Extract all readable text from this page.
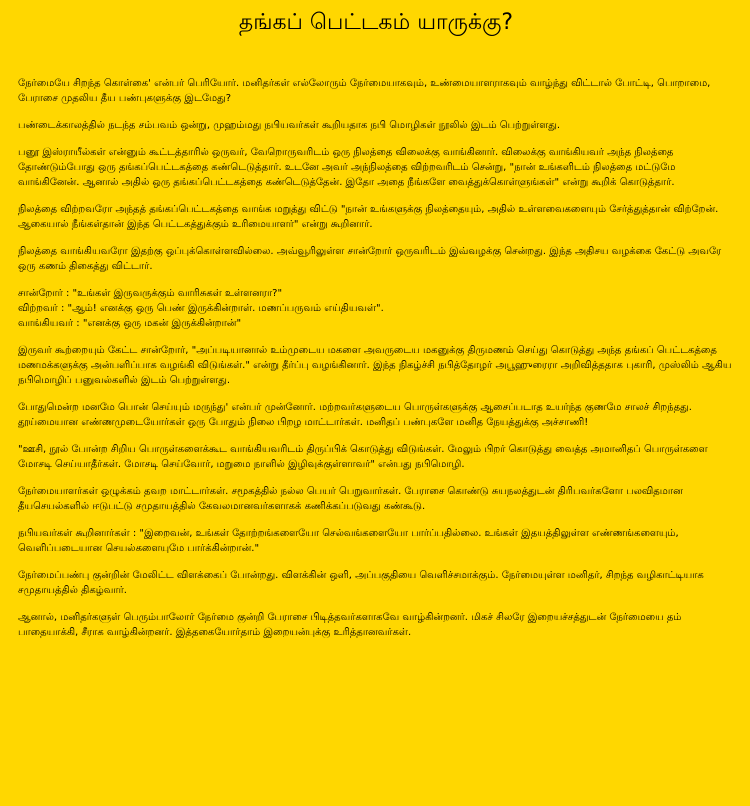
தங்கப் பெட்டகம் யாருக்கு?

நேர்மையே சிறந்த கொள்கை' என்பர் பெரியோர். மனிதர்கள் எல்லோரும் நேர்மையாகவும், உண்மையாளராகவும் வாழ்ந்து விட்டால் போட்டி, பொறாமை, பேராசை முதலிய தீய பண்புகளுக்கு இடமேது?

பண்டைக்காலத்தில் நடந்த சம்பவம் ஒன்று, முஹம்மது நபியவர்கள் கூறியதாக நபி மொழிகள் நூலில் இடம் பெற்றுள்ளது.

பனூ இஸ்ராயீல்கள் என்னும் கூட்டத்தாரில் ஒருவர், வேறொருவரிடம் ஒரு நிலத்தை விலைக்கு வாங்கினார். விலைக்கு வாங்கியவர் அந்த நிலத்தை தோண்டும்போது ஒரு தங்கப்பெட்டகத்தை கண்டெடுத்தார். உடனே அவர் அந்நிலத்தை விற்றவரிடம் சென்று, "நான் உங்களிடம் நிலத்தை மட்டுமே வாங்கினேன். ஆனால் அதில் ஒரு தங்கப்பெட்டகத்தை கண்டெடுத்தேன். இதோ அதை நீங்களே வைத்துக்கொள்ளுங்கள்" என்று கூறிக் கொடுத்தார்.

நிலத்தை விற்றவரோ அந்தத் தங்கப்பெட்டகத்தை வாங்க மறுத்து விட்டு "நான் உங்களுக்கு நிலத்தையும், அதில் உள்ளவைகளையும் சேர்த்துத்தான் விற்றேன். ஆகையால் நீங்கள்தான் இந்த பெட்டகத்துக்கும் உரிமையாளர்" என்று கூறினார்.

நிலத்தை வாங்கியவரோ இதற்கு ஒப்புக்கொள்ளவில்லை. அவ்வூரிலுள்ள சான்றோர் ஒருவரிடம் இவ்வழக்கு சென்றது. இந்த அதிசய வழக்கை கேட்டு அவரே ஒரு கணம் திகைத்து விட்டார்.

சான்றோர் : "உங்கள் இருவருக்கும் வாரிசுகள் உள்ளனரா?"
விற்றவர் : "ஆம்! எனக்கு ஒரு பெண் இருக்கின்றாள். மணப்பருவம் எய்தியவள்".
வாங்கியவர் : "எனக்கு ஒரு மகன் இருக்கின்றான்"

இருவர் கூற்றையும் கேட்ட சான்றோர், "அப்படியானால் உம்முடைய மகளை அவருடைய மகனுக்கு திருமணம் செய்து கொடுத்து அந்த தங்கப் பெட்டகத்தை மணமக்களுக்கு அன்பளிப்பாக வழங்கி விடுங்கள்." என்று தீர்ப்பு வழங்கினார். இந்த நிகழ்ச்சி நபித்தோழர் அபூஹுரைரா அறிவித்ததாக புகாரி, முஸ்லிம் ஆகிய நபிமொழிப் பனுவல்களில் இடம் பெற்றுள்ளது.

போதுமென்ற மனமே பொன் செய்யும் மருந்து' என்பர் முன்னோர். மற்றவர்களுடைய பொருள்களுக்கு ஆசைப்படாத உயர்ந்த குணமே சாலச் சிறந்தது. தூய்மையான எண்ணமுடையோர்கள் ஒரு போதும் நிலை பிறழ மாட்டார்கள். மனிதப் பண்புகளே மனித நேயத்துக்கு அச்சாணி!

"ஊசி, நூல் போன்ற சிறிய பொருள்களைக்கூட வாங்கியவரிடம் திருப்பிக் கொடுத்து விடுங்கள். மேலும் பிறர் கொடுத்து வைத்த அமானிதப் பொருள்களை மோசடி செய்யாதீர்கள். மோசடி செய்வோர், மறுமை நாளில் இழிவுக்குள்ளாவர்" என்பது நபிமொழி.

நேர்மையாளர்கள் ஒழுக்கம் தவற மாட்டார்கள். சமூகத்தில் நல்ல பெயர் பெறுவார்கள். பேராசை கொண்டு சுயநலத்துடன் திரிபவர்களோ பலவிதமான தீயசெயல்களில் ஈடுபட்டு சமுதாயத்தில் கேவலமானவர்களாகக் கணிக்கப்படுவது கண்கூடு.

நபியவர்கள் கூறினார்கள் : "இறைவன், உங்கள் தோற்றங்களையோ செல்வங்களையோ பார்ப்பதில்லை. உங்கள் இதயத்திலுள்ள எண்ணங்களையும், வெளிப்படையான செயல்களையுமே பார்க்கின்றான்."

நேர்மைப்பண்பு குன்றின் மேலிட்ட விளக்கைப் போன்றது. விளக்கின் ஒளி, அப்பகுதியை வெளிச்சமாக்கும். நேர்மையுள்ள மனிதர், சிறந்த வழிகாட்டியாக சமுதாயத்தில் திகழ்வார்.

ஆனால், மனிதர்களுள் பெரும்பாலோர் நேர்மை குன்றி பேராசை பிடித்தவர்களாகவே வாழ்கின்றனர். மிகச் சிலரே இறையச்சத்துடன் நேர்மையை தம் பாதையாக்கி, சீராக வாழ்கின்றனர். இத்தகையோர்தாம் இறையன்புக்கு உரித்தானவர்கள்.
